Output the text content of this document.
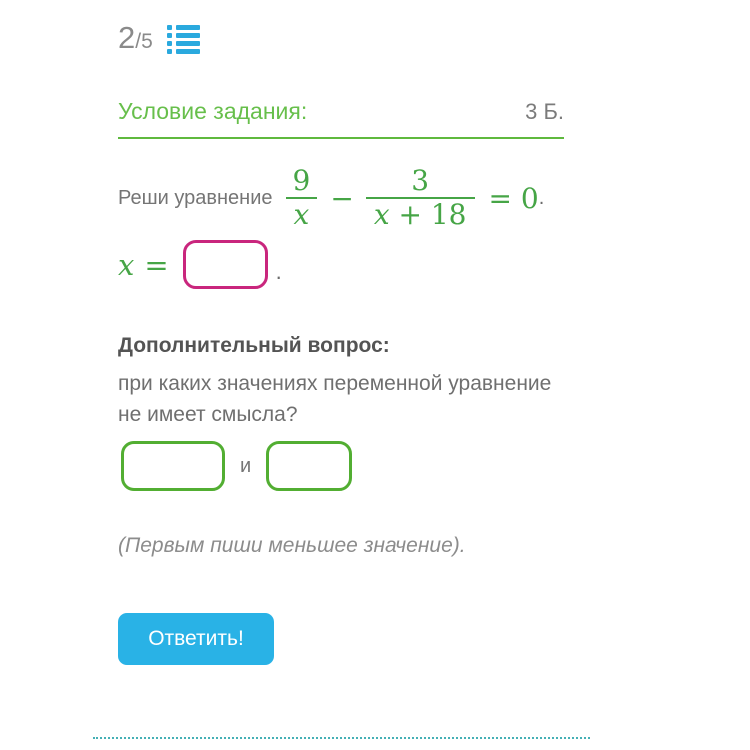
2 /5
Условие задания:	3 Б.
Реши уравнение $\frac{9}{x} - \frac{3}{x + 18} = 0$ .
x =	.
Дополнительный вопрос:
при каких значениях переменной уравнение не имеет смысла?
и
(Первым пиши меньшее значение).
Ответить!
